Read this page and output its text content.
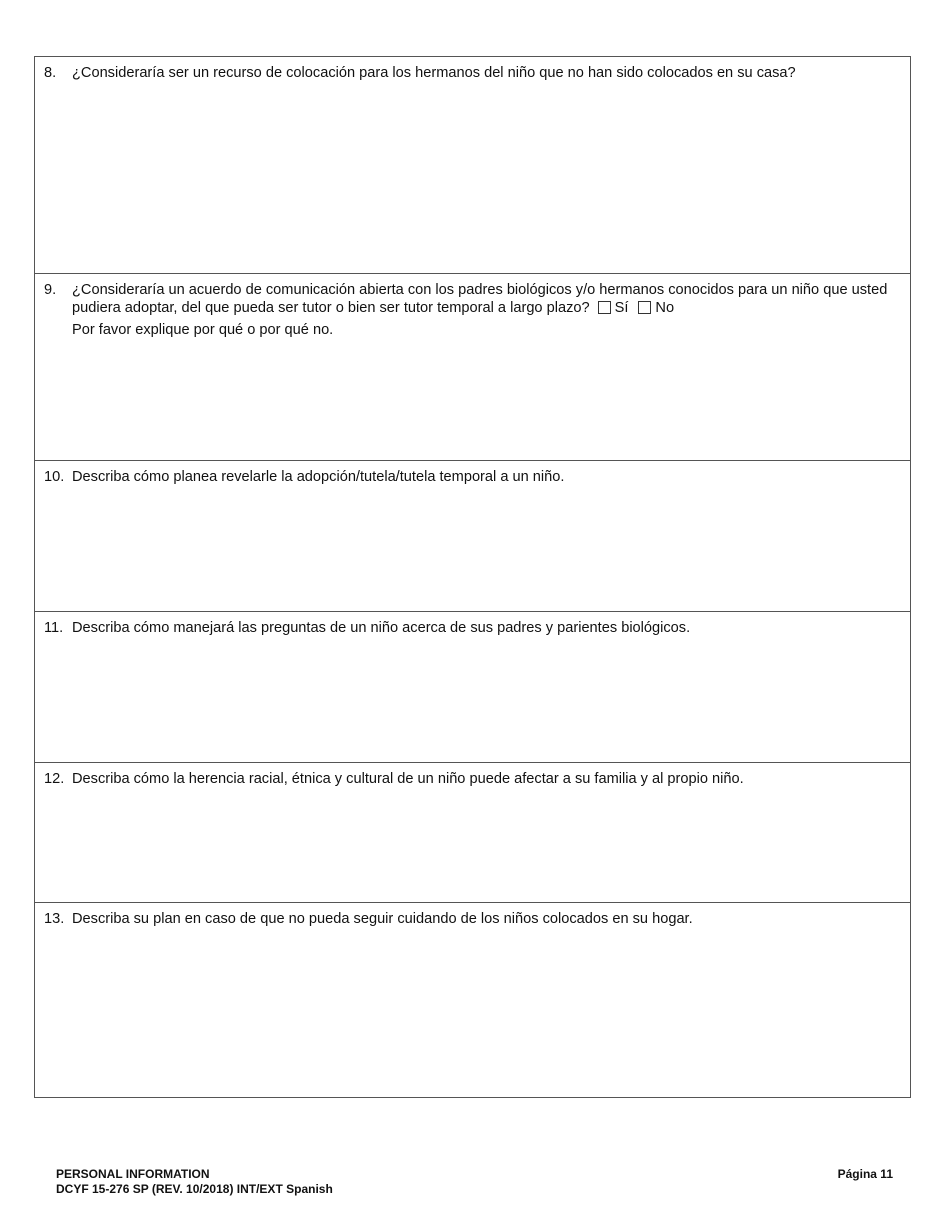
8.	¿Consideraría ser un recurso de colocación para los hermanos del niño que no han sido colocados en su casa?
9.	¿Consideraría un acuerdo de comunicación abierta con los padres biológicos y/o hermanos conocidos para un niño que usted pudiera adoptar, del que pueda ser tutor o bien ser tutor temporal a largo plazo? Sí No
Por favor explique por qué o por qué no.
10. Describa cómo planea revelarle la adopción/tutela/tutela temporal a un niño.
11. Describa cómo manejará las preguntas de un niño acerca de sus padres y parientes biológicos.
12. Describa cómo la herencia racial, étnica y cultural de un niño puede afectar a su familia y al propio niño.
13. Describa su plan en caso de que no pueda seguir cuidando de los niños colocados en su hogar.
PERSONAL INFORMATION
DCYF 15-276 SP (REV. 10/2018) INT/EXT Spanish
Página 11
